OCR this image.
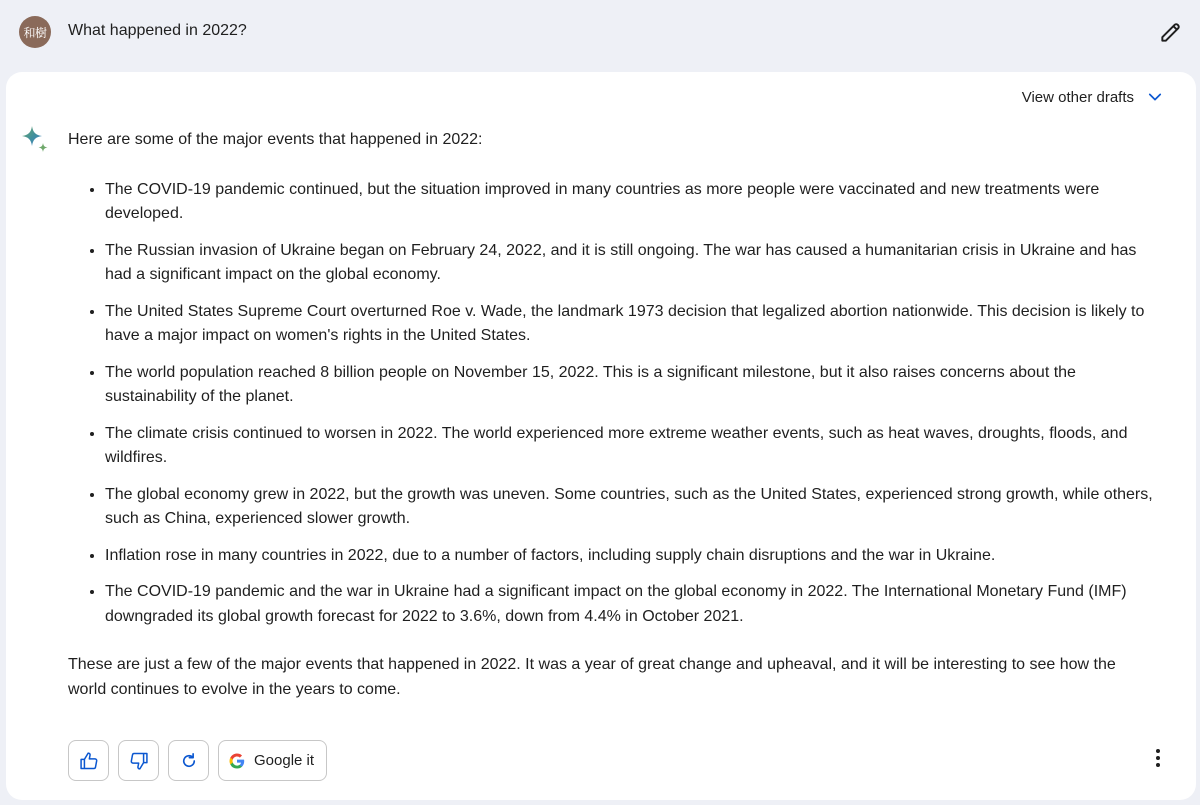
和樹 What happened in 2022?
View other drafts

Here are some of the major events that happened in 2022:

• The COVID-19 pandemic continued, but the situation improved in many countries as more people were vaccinated and new treatments were developed.
• The Russian invasion of Ukraine began on February 24, 2022, and it is still ongoing. The war has caused a humanitarian crisis in Ukraine and has had a significant impact on the global economy.
• The United States Supreme Court overturned Roe v. Wade, the landmark 1973 decision that legalized abortion nationwide. This decision is likely to have a major impact on women's rights in the United States.
• The world population reached 8 billion people on November 15, 2022. This is a significant milestone, but it also raises concerns about the sustainability of the planet.
• The climate crisis continued to worsen in 2022. The world experienced more extreme weather events, such as heat waves, droughts, floods, and wildfires.
• The global economy grew in 2022, but the growth was uneven. Some countries, such as the United States, experienced strong growth, while others, such as China, experienced slower growth.
• Inflation rose in many countries in 2022, due to a number of factors, including supply chain disruptions and the war in Ukraine.
• The COVID-19 pandemic and the war in Ukraine had a significant impact on the global economy in 2022. The International Monetary Fund (IMF) downgraded its global growth forecast for 2022 to 3.6%, down from 4.4% in October 2021.

These are just a few of the major events that happened in 2022. It was a year of great change and upheaval, and it will be interesting to see how the world continues to evolve in the years to come.

Google it
